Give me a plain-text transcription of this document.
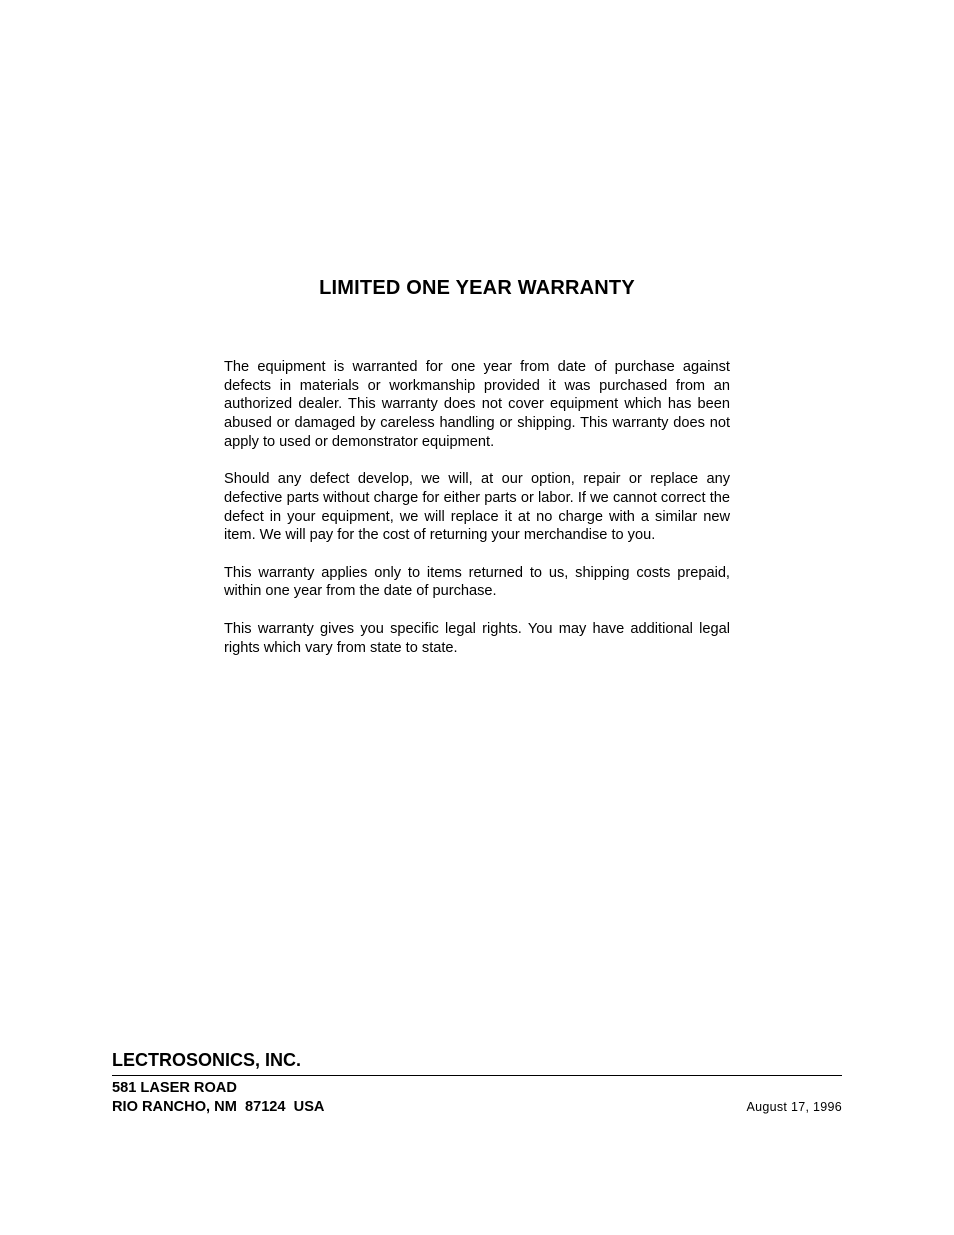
LIMITED ONE YEAR WARRANTY

The equipment is warranted for one year from date of purchase against defects in materials or workmanship provided it was purchased from an authorized dealer. This warranty does not cover equipment which has been abused or damaged by careless handling or shipping. This warranty does not apply to used or demonstrator equipment.

Should any defect develop, we will, at our option, repair or replace any defective parts without charge for either parts or labor. If we cannot correct the defect in your equipment, we will replace it at no charge with a similar new item. We will pay for the cost of returning your merchandise to you.

This warranty applies only to items returned to us, shipping costs prepaid, within one year from the date of purchase.

This warranty gives you specific legal rights. You may have additional legal rights which vary from state to state.

LECTROSONICS, INC.
581 LASER ROAD
RIO RANCHO, NM  87124  USA	August 17, 1996
